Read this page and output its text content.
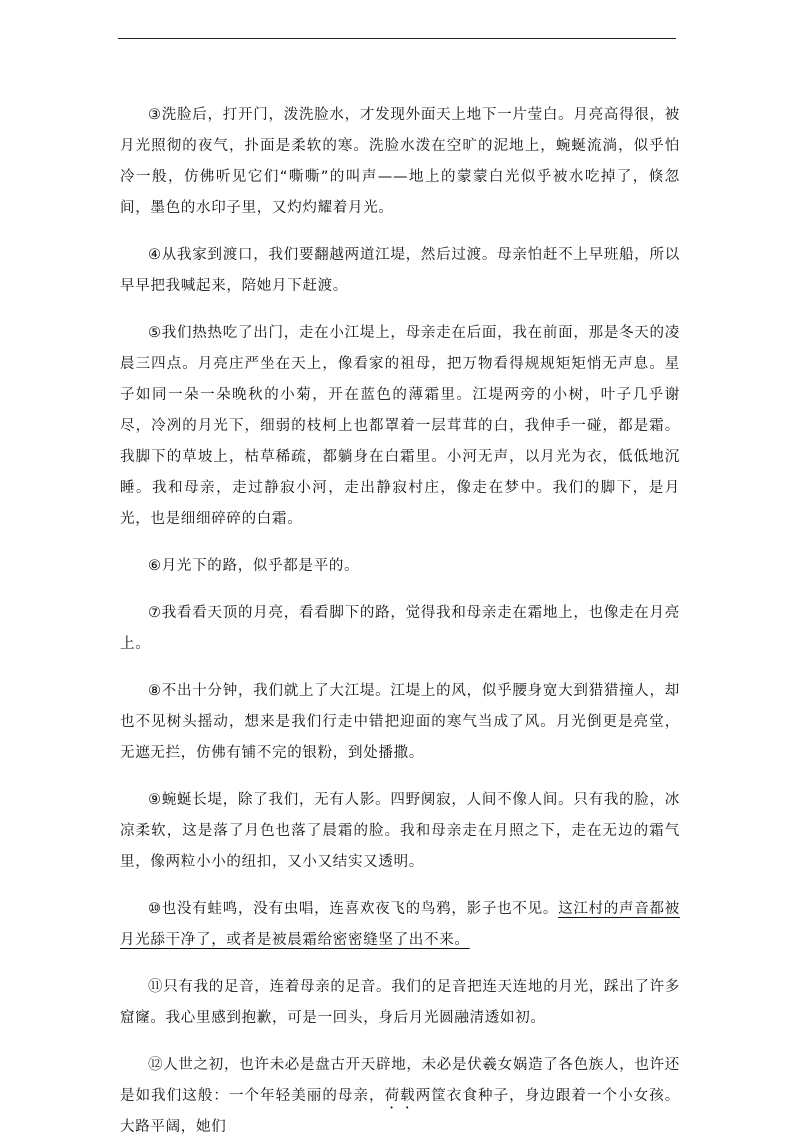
③洗脸后，打开门，泼洗脸水，才发现外面天上地下一片莹白。月亮高得很，被月光照彻的夜气，扑面是柔软的寒。洗脸水泼在空旷的泥地上，蜿蜒流淌，似乎怕冷一般，仿佛听见它们“嘶嘶”的叫声——地上的蒙蒙白光似乎被水吃掉了，倏忽间，墨色的水印子里，又灼灼耀着月光。

④从我家到渡口，我们要翻越两道江堤，然后过渡。母亲怕赶不上早班船，所以早早把我喊起来，陪她月下赶渡。

⑤我们热热吃了出门，走在小江堤上，母亲走在后面，我在前面，那是冬天的凌晨三四点。月亮庄严坐在天上，像看家的祖母，把万物看得规规矩矩悄无声息。星子如同一朵一朵晚秋的小菊，开在蓝色的薄霜里。江堤两旁的小树，叶子几乎谢尽，冷冽的月光下，细弱的枝柯上也都罩着一层茸茸的白，我伸手一碰，都是霜。我脚下的草坡上，枯草稀疏，都躺身在白霜里。小河无声，以月光为衣，低低地沉睡。我和母亲，走过静寂小河，走出静寂村庄，像走在梦中。我们的脚下，是月光，也是细细碎碎的白霜。

⑥月光下的路，似乎都是平的。

⑦我看看天顶的月亮，看看脚下的路，觉得我和母亲走在霜地上，也像走在月亮上。

⑧不出十分钟，我们就上了大江堤。江堤上的风，似乎腰身宽大到猎猎撞人，却也不见树头摇动，想来是我们行走中错把迎面的寒气当成了风。月光倒更是亮堂，无遮无拦，仿佛有铺不完的银粉，到处播撒。

⑨蜿蜒长堤，除了我们，无有人影。四野阒寂，人间不像人间。只有我的脸，冰凉柔软，这是落了月色也落了晨霜的脸。我和母亲走在月照之下，走在无边的霜气里，像两粒小小的纽扣，又小又结实又透明。

⑩也没有蛙鸣，没有虫唱，连喜欢夜飞的鸟鸦，影子也不见。这江村的声音都被月光舔干净了，或者是被晨霜给密密缝坚了出不来。

⑪只有我的足音，连着母亲的足音。我们的足音把连天连地的月光，踩出了许多窟窿。我心里感到抱歉，可是一回头，身后月光圆融清透如初。

⑫人世之初，也许未必是盘古开天辟地，未必是伏羲女娲造了各色族人，也许还是如我们这般：一个年轻美丽的母亲，荷载两筐衣食种子，身边跟着一个小女孩。大路平阔，她们
